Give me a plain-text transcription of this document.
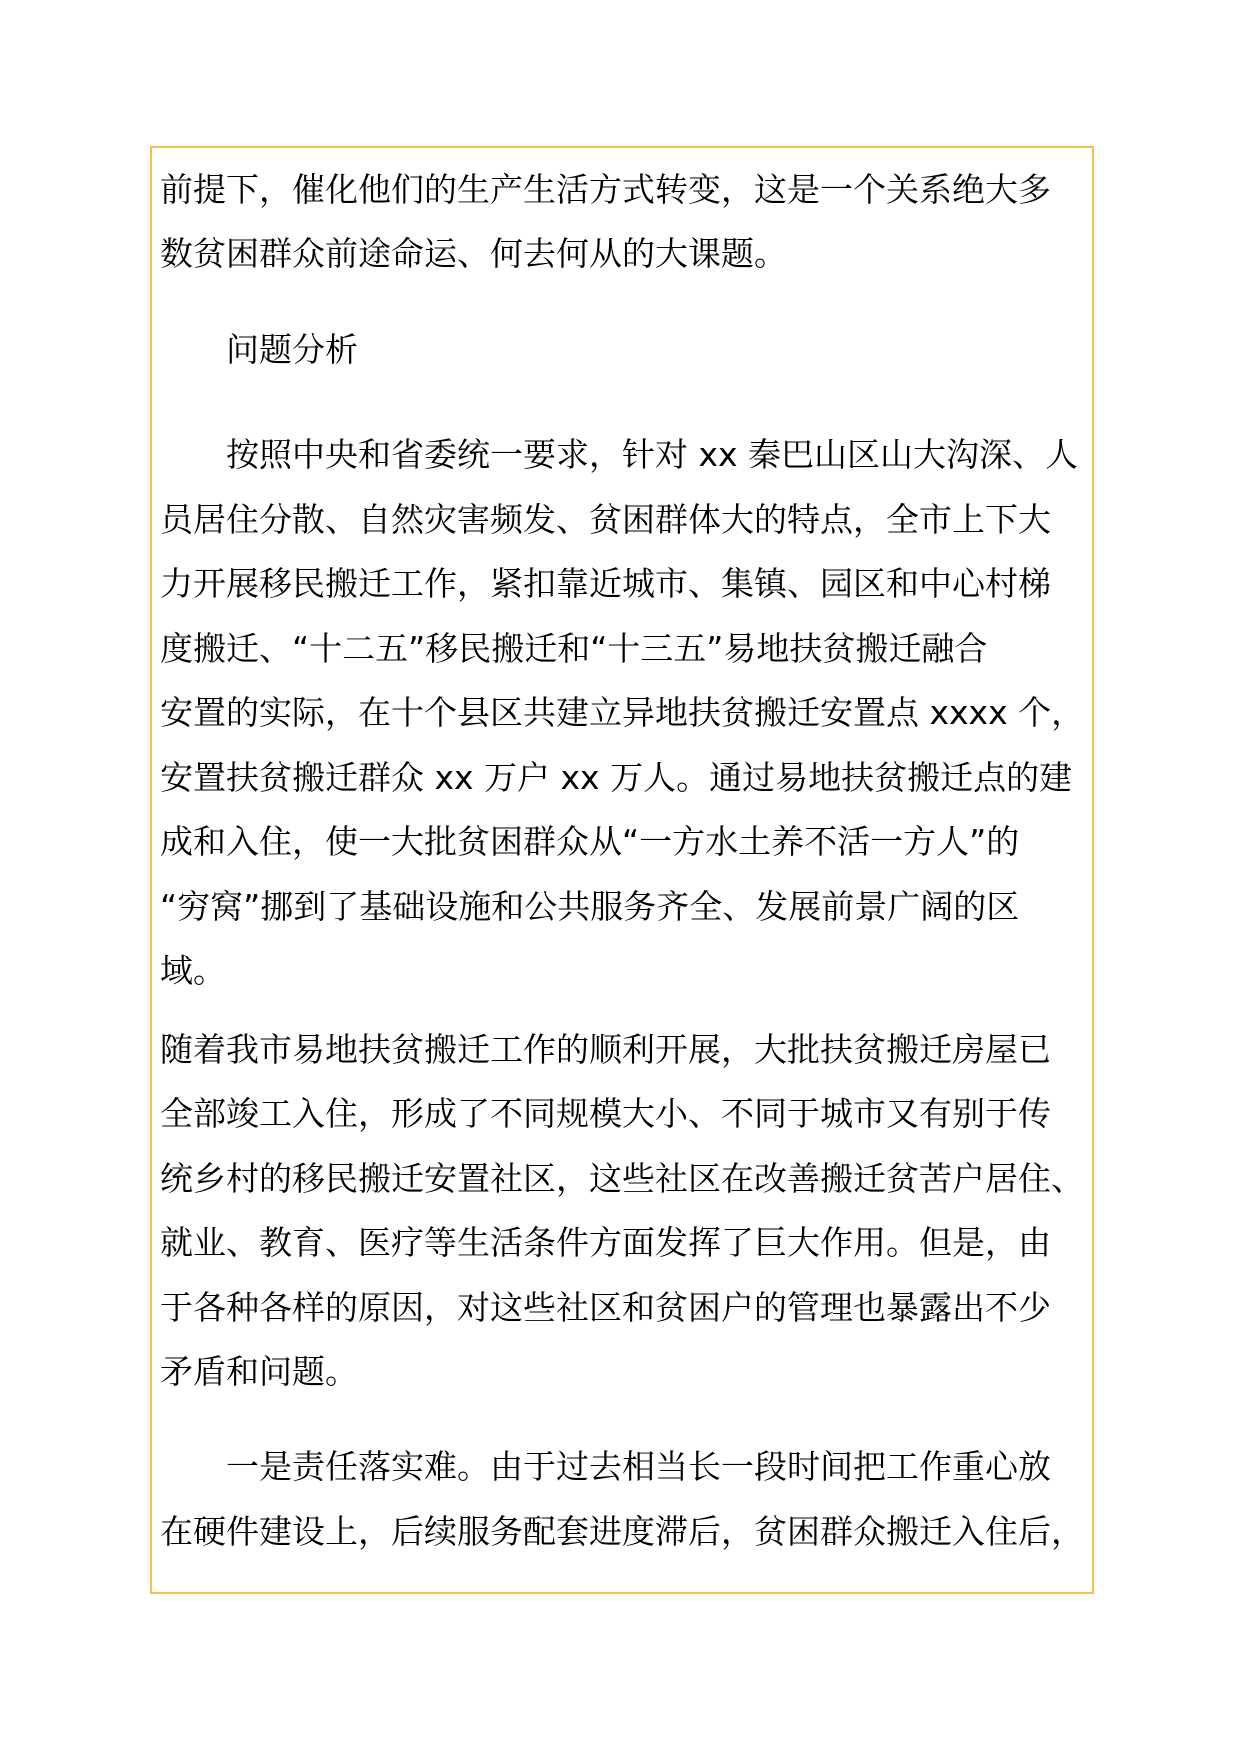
前提下，催化他们的生产生活方式转变，这是一个关系绝大多
数贫困群众前途命运、何去何从的大课题。
问题分析
按照中央和省委统一要求，针对 xx 秦巴山区山大沟深、人
员居住分散、自然灾害频发、贫困群体大的特点，全市上下大
力开展移民搬迁工作，紧扣靠近城市、集镇、园区和中心村梯
度搬迁、“十二五”移民搬迁和“十三五”易地扶贫搬迁融合
安置的实际，在十个县区共建立异地扶贫搬迁安置点 xxxx 个，
安置扶贫搬迁群众 xx 万户 xx 万人。通过易地扶贫搬迁点的建
成和入住，使一大批贫困群众从“一方水土养不活一方人”的
“穷窝”挪到了基础设施和公共服务齐全、发展前景广阔的区
域。
随着我市易地扶贫搬迁工作的顺利开展，大批扶贫搬迁房屋已
全部竣工入住，形成了不同规模大小、不同于城市又有别于传
统乡村的移民搬迁安置社区，这些社区在改善搬迁贫苦户居住、
就业、教育、医疗等生活条件方面发挥了巨大作用。但是，由
于各种各样的原因，对这些社区和贫困户的管理也暴露出不少
矛盾和问题。
一是责任落实难。由于过去相当长一段时间把工作重心放
在硬件建设上，后续服务配套进度滞后，贫困群众搬迁入住后，
